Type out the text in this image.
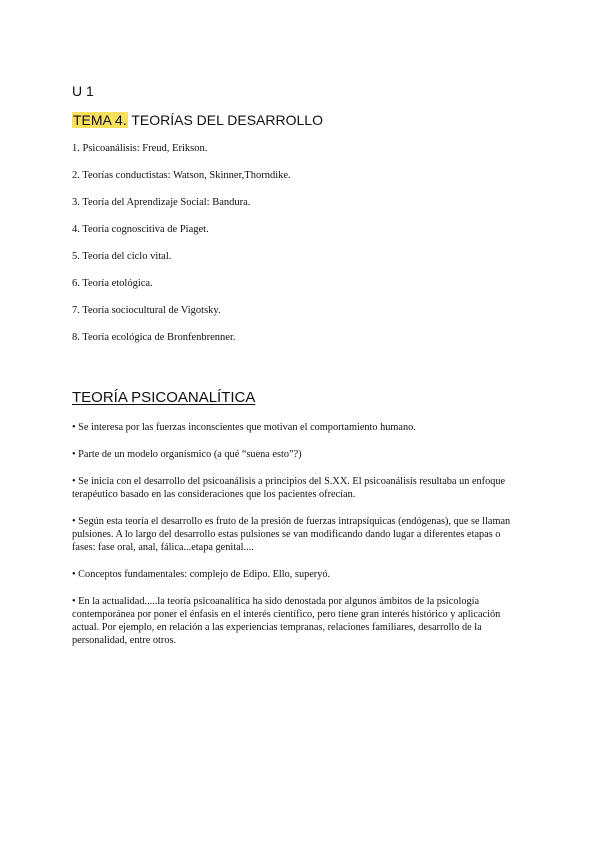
U 1
TEMA 4. TEORÍAS DEL DESARROLLO
1. Psicoanálisis: Freud, Erikson.
2. Teorías conductistas: Watson, Skinner,Thorndike.
3. Teoría del Aprendizaje Social: Bandura.
4. Teoría cognoscitiva de Piaget.
5. Teoría del ciclo vital.
6. Teoría etológica.
7. Teoría sociocultural de Vigotsky.
8. Teoría ecológica de Bronfenbrenner.
TEORÍA PSICOANALÍTICA
• Se interesa por las fuerzas inconscientes que motivan el comportamiento humano.
• Parte de un modelo organísmico (a qué “suena esto”?)
• Se inicia con el desarrollo del psicoanálisis a principios del S.XX. El psicoanálisis resultaba un enfoque terapéutico basado en las consideraciones que los pacientes ofrecían.
• Según esta teoría el desarrollo es fruto de la presión de fuerzas intrapsíquicas (endógenas), que se llaman pulsiones. A lo largo del desarrollo estas pulsiones se van modificando dando lugar a diferentes etapas o fases: fase oral, anal, fálica...etapa genital....
• Conceptos fundamentales: complejo de Edipo. Ello, superyó.
• En la actualidad.....la teoría psicoanalítica ha sido denostada por algunos ámbitos de la psicología contemporánea por poner el énfasis en el interés científico, pero tiene gran interés histórico y aplicación actual. Por ejemplo, en relación a las experiencias tempranas, relaciones familiares, desarrollo de la personalidad, entre otros.
